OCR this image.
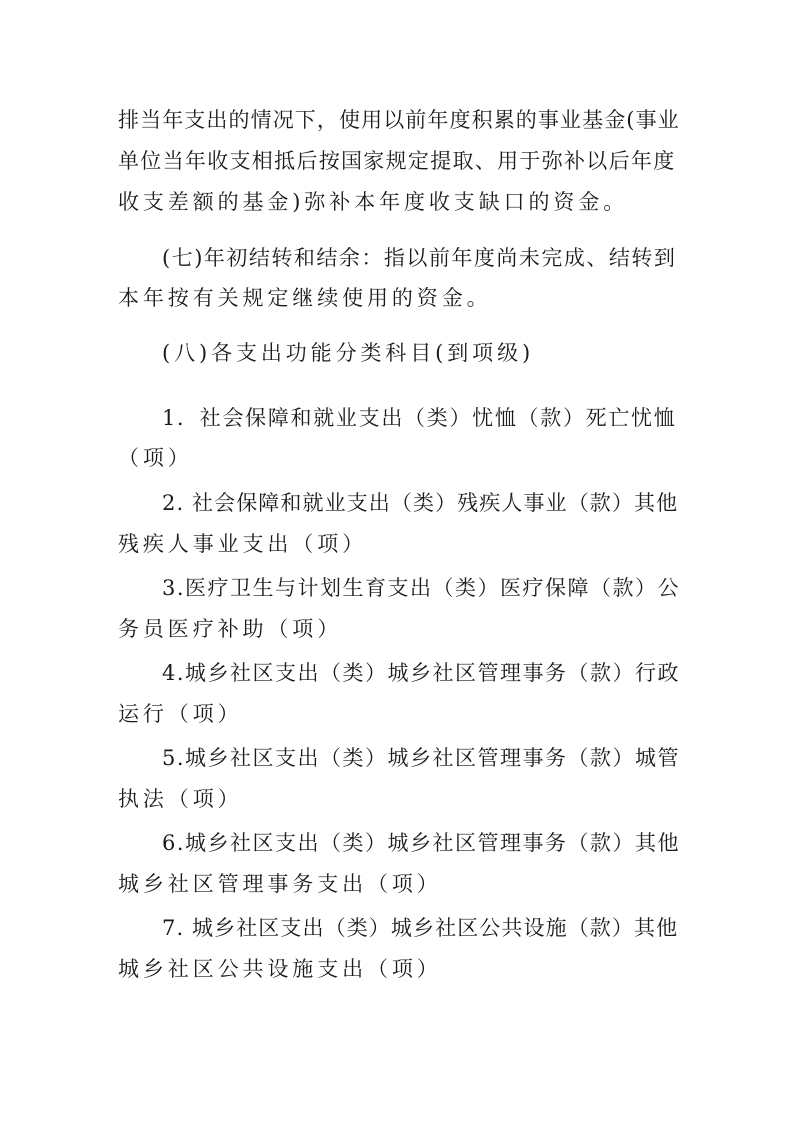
排当年支出的情况下，使用以前年度积累的事业基金(事业
单位当年收支相抵后按国家规定提取、用于弥补以后年度
收支差额的基金)弥补本年度收支缺口的资金。
(七)年初结转和结余：指以前年度尚未完成、结转到
本年按有关规定继续使用的资金。
(八)各支出功能分类科目(到项级)
1．社会保障和就业支出（类）忧恤（款）死亡忧恤
（项）
2. 社会保障和就业支出（类）残疾人事业（款）其他
残疾人事业支出（项）
3.医疗卫生与计划生育支出（类）医疗保障（款）公
务员医疗补助（项）
4.城乡社区支出（类）城乡社区管理事务（款）行政
运行（项）
5.城乡社区支出（类）城乡社区管理事务（款）城管
执法（项）
6.城乡社区支出（类）城乡社区管理事务（款）其他
城乡社区管理事务支出（项）
7. 城乡社区支出（类）城乡社区公共设施（款）其他
城乡社区公共设施支出（项）
